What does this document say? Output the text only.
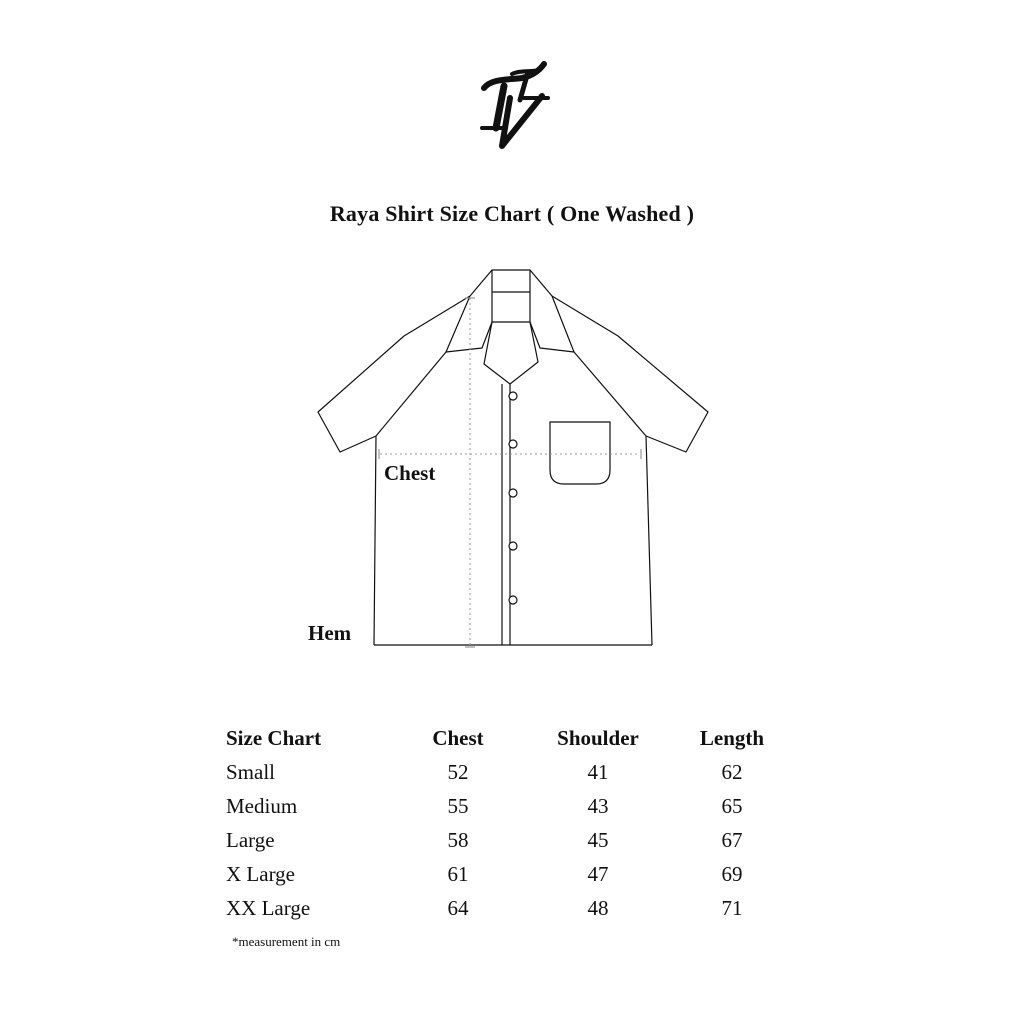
Raya Shirt Size Chart ( One Washed )
Chest
Hem
Size Chart	Chest	Shoulder	Length
Small	52	41	62
Medium	55	43	65
Large	58	45	67
X Large	61	47	69
XX Large	64	48	71
*measurement in cm
